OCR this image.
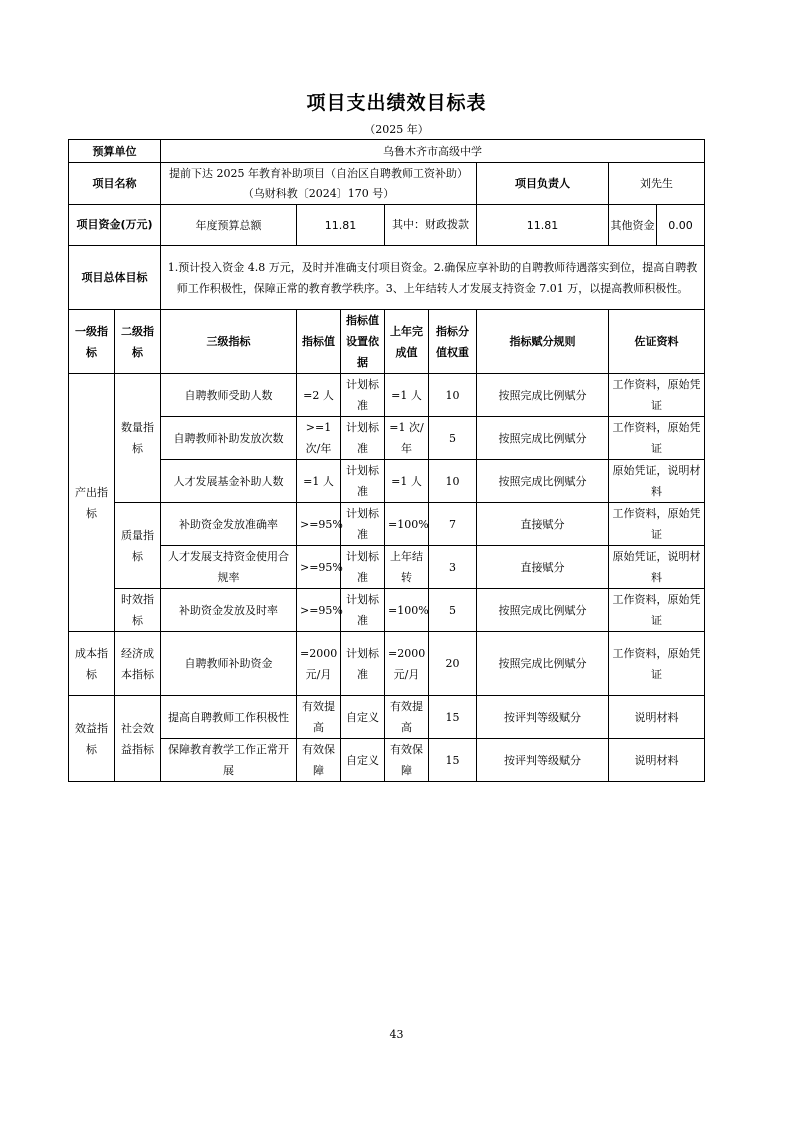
项目支出绩效目标表
（2025 年）
预算单位		乌鲁木齐市高级中学						
项目名称		提前下达 2025 年教育补助项目（自治区自聘教师工资补助）（乌财科教〔2024〕170 号）					项目负责人	刘先生
项目资金(万元)		年度预算总额	11.81		其中：财政拨款		11.81	其他资金 0.00

项目总体目标		1.预计投入资金 4.8 万元，及时并准确支付项目资金。2.确保应享补助的自聘教师待遇落实到位，提高自聘教师工作积极性，保障正常的教育教学秩序。3、上年结转人才发展支持资金 7.01 万，以提高教师积极性。						
一级指标	二级指标	三级指标	指标值	指标值设置依据	上年完成值	指标分值权重	指标赋分规则	佐证资料
产出指标	数量指标	自聘教师受助人数	=2 人	计划标准	=1 人	10	按照完成比例赋分	工作资料，原始凭证
		自聘教师补助发放次数	>=1 次/年	计划标准	=1 次/年	5	按照完成比例赋分	工作资料，原始凭证
		人才发展基金补助人数	=1 人	计划标准	=1 人	10	按照完成比例赋分	原始凭证，说明材料
	质量指标	补助资金发放准确率	>=95%	计划标准	=100%	7	直接赋分	工作资料，原始凭证
		人才发展支持资金使用合规率	>=95%	计划标准	上年结转	3	直接赋分	原始凭证，说明材料
	时效指标	补助资金发放及时率	>=95%	计划标准	=100%	5	按照完成比例赋分	工作资料，原始凭证
成本指标	经济成本指标	自聘教师补助资金	=2000 元/月	计划标准	=2000 元/月	20	按照完成比例赋分	工作资料，原始凭证
效益指标	社会效益指标	提高自聘教师工作积极性	有效提高	自定义	有效提高	15	按评判等级赋分	说明材料
		保障教育教学工作正常开展	有效保障	自定义	有效保障	15	按评判等级赋分	说明材料
43
